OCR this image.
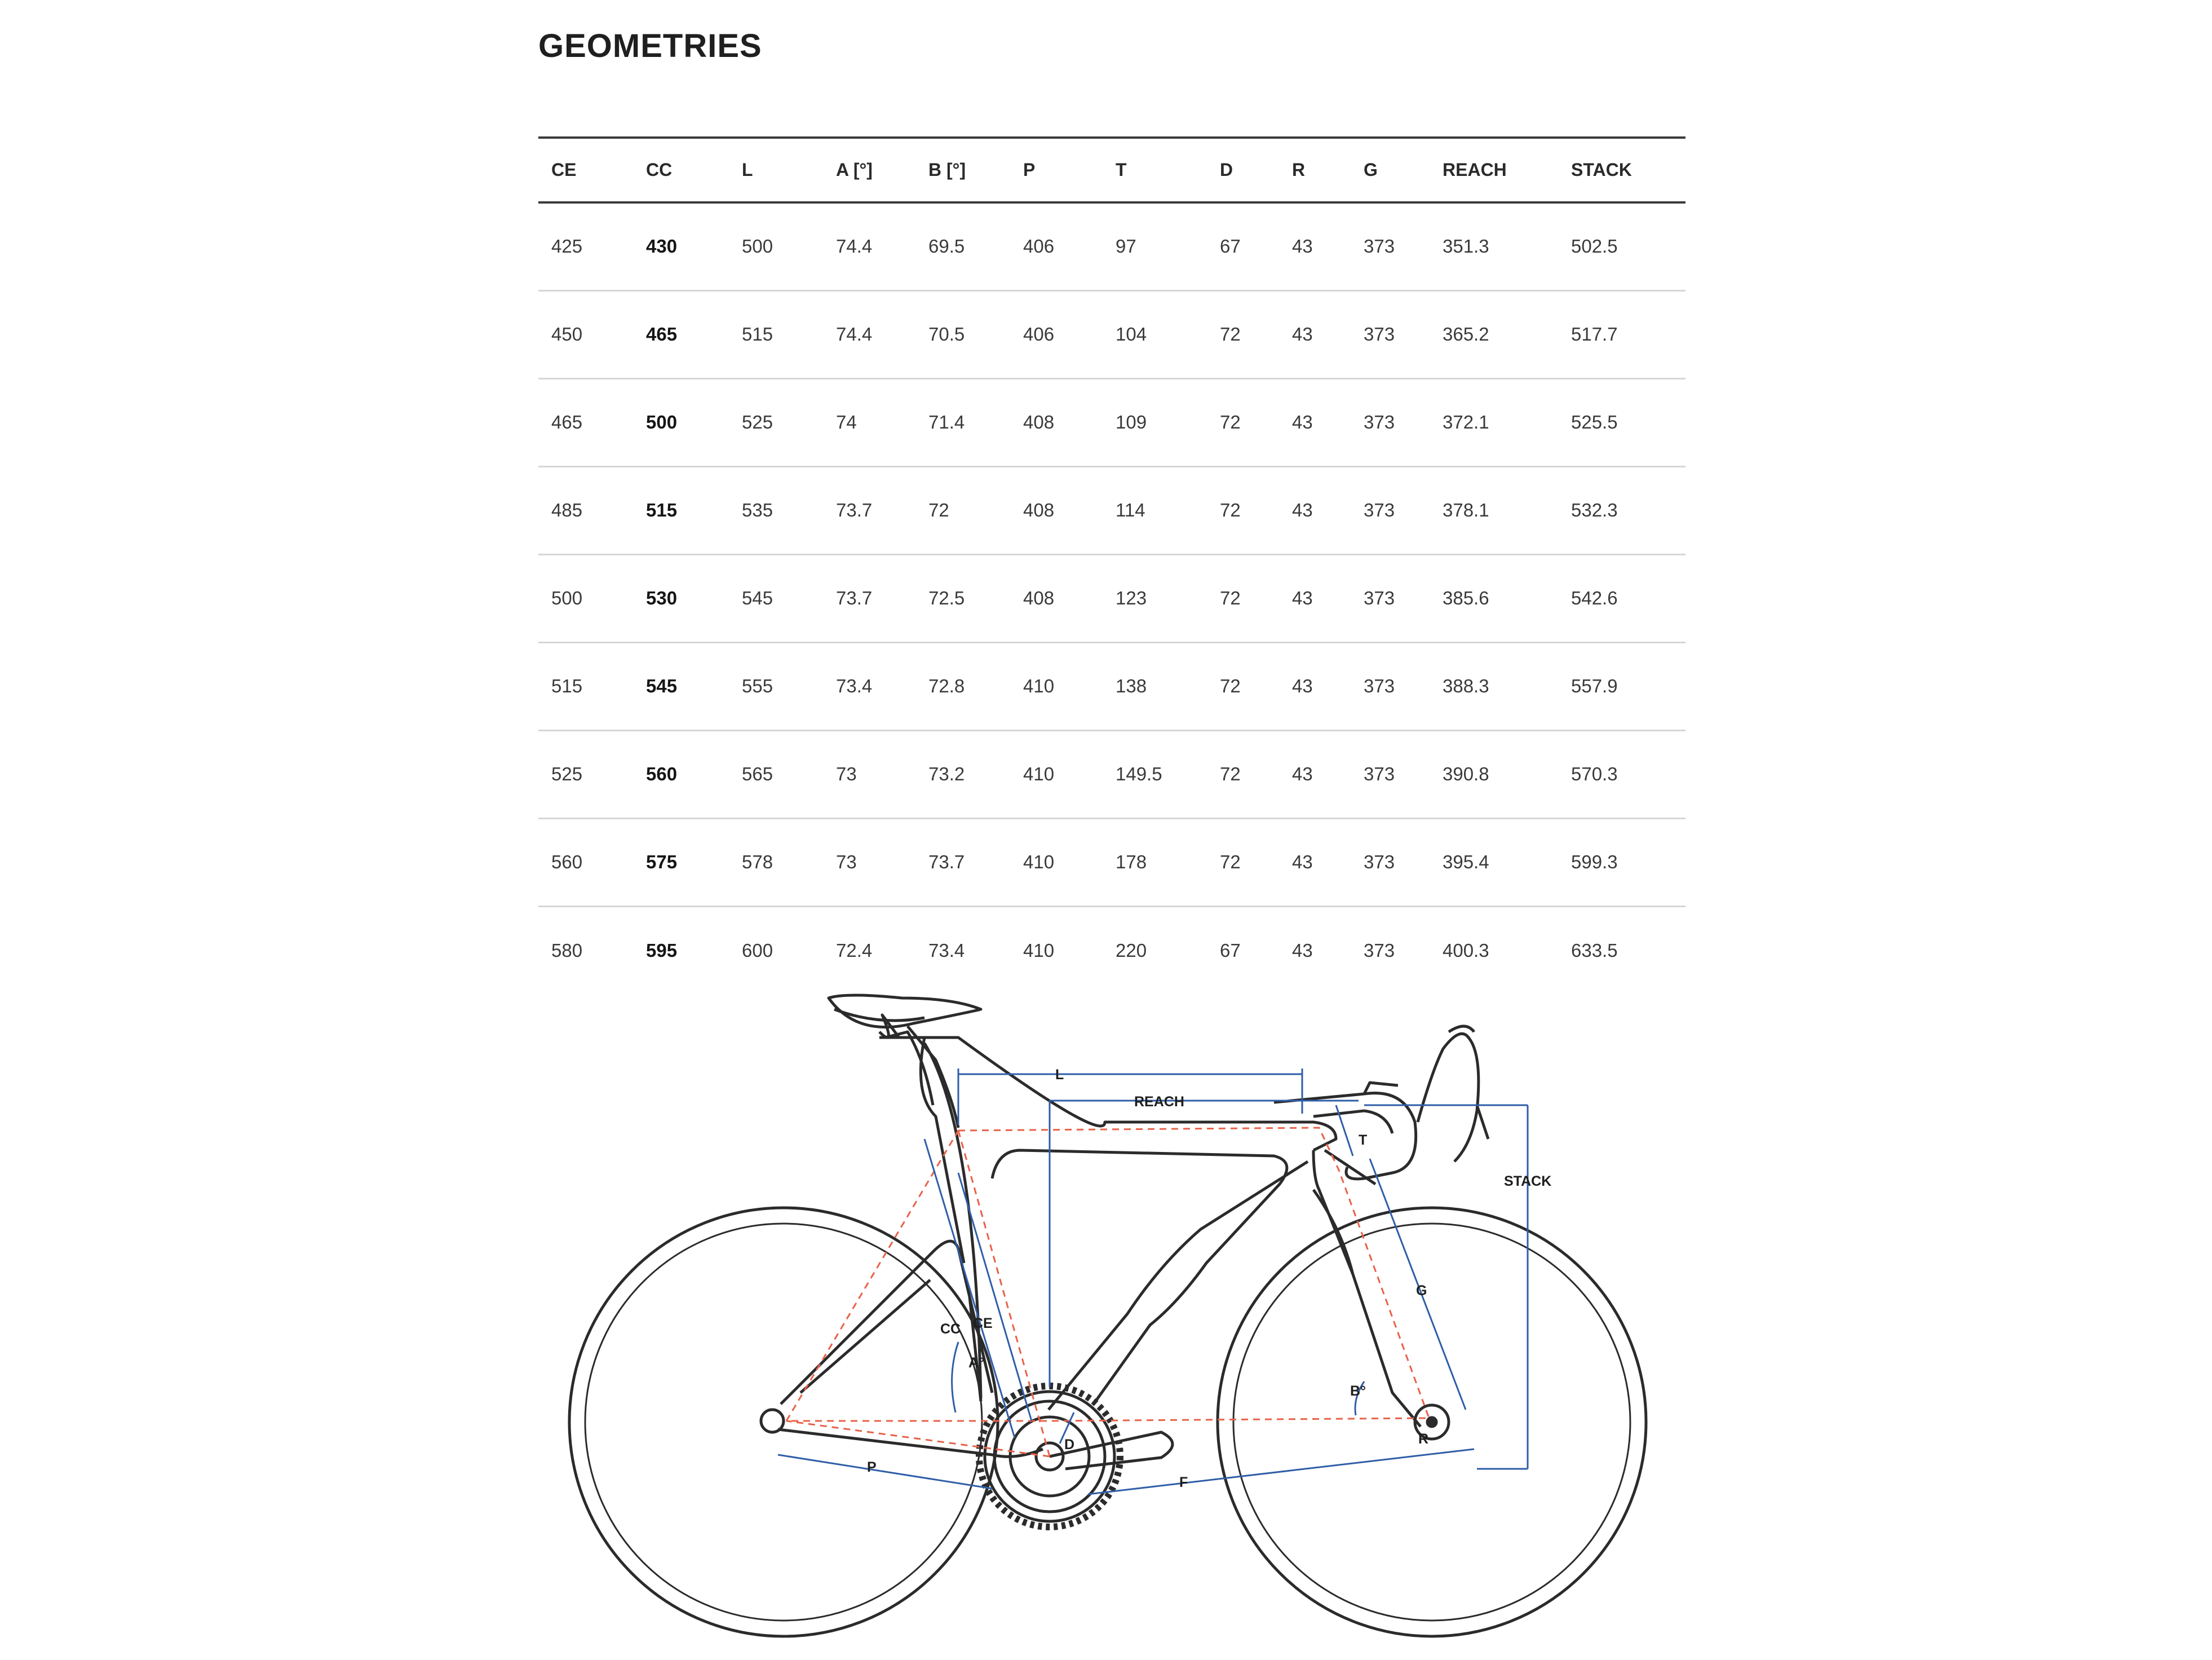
GEOMETRIES
CE	CC	L	A [°]	B [°]	P	T	D	R	G	REACH	STACK
425	430	500	74.4	69.5	406	97	67	43	373	351.3	502.5
450	465	515	74.4	70.5	406	104	72	43	373	365.2	517.7
465	500	525	74	71.4	408	109	72	43	373	372.1	525.5
485	515	535	73.7	72	408	114	72	43	373	378.1	532.3
500	530	545	73.7	72.5	408	123	72	43	373	385.6	542.6
515	545	555	73.4	72.8	410	138	72	43	373	388.3	557.9
525	560	565	73	73.2	410	149.5	72	43	373	390.8	570.3
560	575	578	73	73.7	410	178	72	43	373	395.4	599.3
580	595	600	72.4	73.4	410	220	67	43	373	400.3	633.5
L
REACH
T
STACK
G
CC CE
A°
B°
D	R
P
F
